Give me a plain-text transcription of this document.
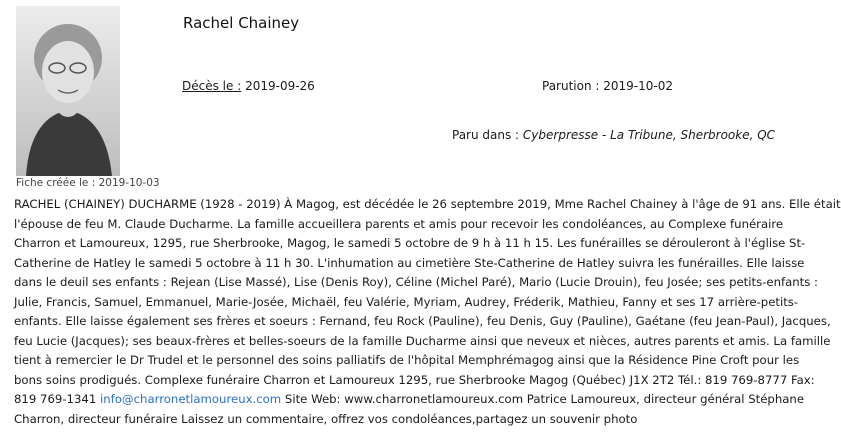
Fiche créée le : 2019-10-03
Rachel Chainey
Décès le : 2019-09-26	Parution : 2019-10-02
Paru dans : Cyberpresse - La Tribune, Sherbrooke, QC
RACHEL (CHAINEY) DUCHARME (1928 - 2019) À Magog, est décédée le 26 septembre 2019, Mme Rachel Chainey à l'âge de 91 ans. Elle était
l'épouse de feu M. Claude Ducharme. La famille accueillera parents et amis pour recevoir les condoléances, au Complexe funéraire
Charron et Lamoureux, 1295, rue Sherbrooke, Magog, le samedi 5 octobre de 9 h à 11 h 15. Les funérailles se dérouleront à l'église St-
Catherine de Hatley le samedi 5 octobre à 11 h 30. L'inhumation au cimetière Ste-Catherine de Hatley suivra les funérailles. Elle laisse
dans le deuil ses enfants : Rejean (Lise Massé), Lise (Denis Roy), Céline (Michel Paré), Mario (Lucie Drouin), feu Josée; ses petits-enfants :
Julie, Francis, Samuel, Emmanuel, Marie-Josée, Michaël, feu Valérie, Myriam, Audrey, Fréderik, Mathieu, Fanny et ses 17 arrière-petits-
enfants. Elle laisse également ses frères et soeurs : Fernand, feu Rock (Pauline), feu Denis, Guy (Pauline), Gaétane (feu Jean-Paul), Jacques,
feu Lucie (Jacques); ses beaux-frères et belles-soeurs de la famille Ducharme ainsi que neveux et nièces, autres parents et amis. La famille
tient à remercier le Dr Trudel et le personnel des soins palliatifs de l'hôpital Memphrémagog ainsi que la Résidence Pine Croft pour les
bons soins prodigués. Complexe funéraire Charron et Lamoureux 1295, rue Sherbrooke Magog (Québec) J1X 2T2 Tél.: 819 769-8777 Fax:
819 769-1341 info@charronetlamoureux.com Site Web: www.charronetlamoureux.com Patrice Lamoureux, directeur général Stéphane
Charron, directeur funéraire Laissez un commentaire, offrez vos condoléances,partagez un souvenir photo
